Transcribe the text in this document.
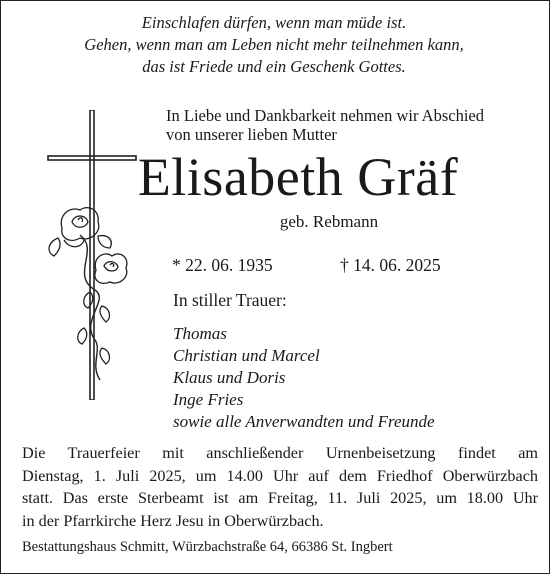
Einschlafen dürfen, wenn man müde ist.
Gehen, wenn man am Leben nicht mehr teilnehmen kann,
das ist Friede und ein Geschenk Gottes.
In Liebe und Dankbarkeit nehmen wir Abschied
von unserer lieben Mutter
Elisabeth Gräf
geb. Rebmann
* 22. 06. 1935	† 14. 06. 2025
In stiller Trauer:
Thomas
Christian und Marcel
Klaus und Doris
Inge Fries
sowie alle Anverwandten und Freunde
Die Trauerfeier mit anschließender Urnenbeisetzung findet am
Dienstag, 1. Juli 2025, um 14.00 Uhr auf dem Friedhof Oberwürzbach
statt. Das erste Sterbeamt ist am Freitag, 11. Juli 2025, um 18.00 Uhr
in der Pfarrkirche Herz Jesu in Oberwürzbach.
Bestattungshaus Schmitt, Würzbachstraße 64, 66386 St. Ingbert
